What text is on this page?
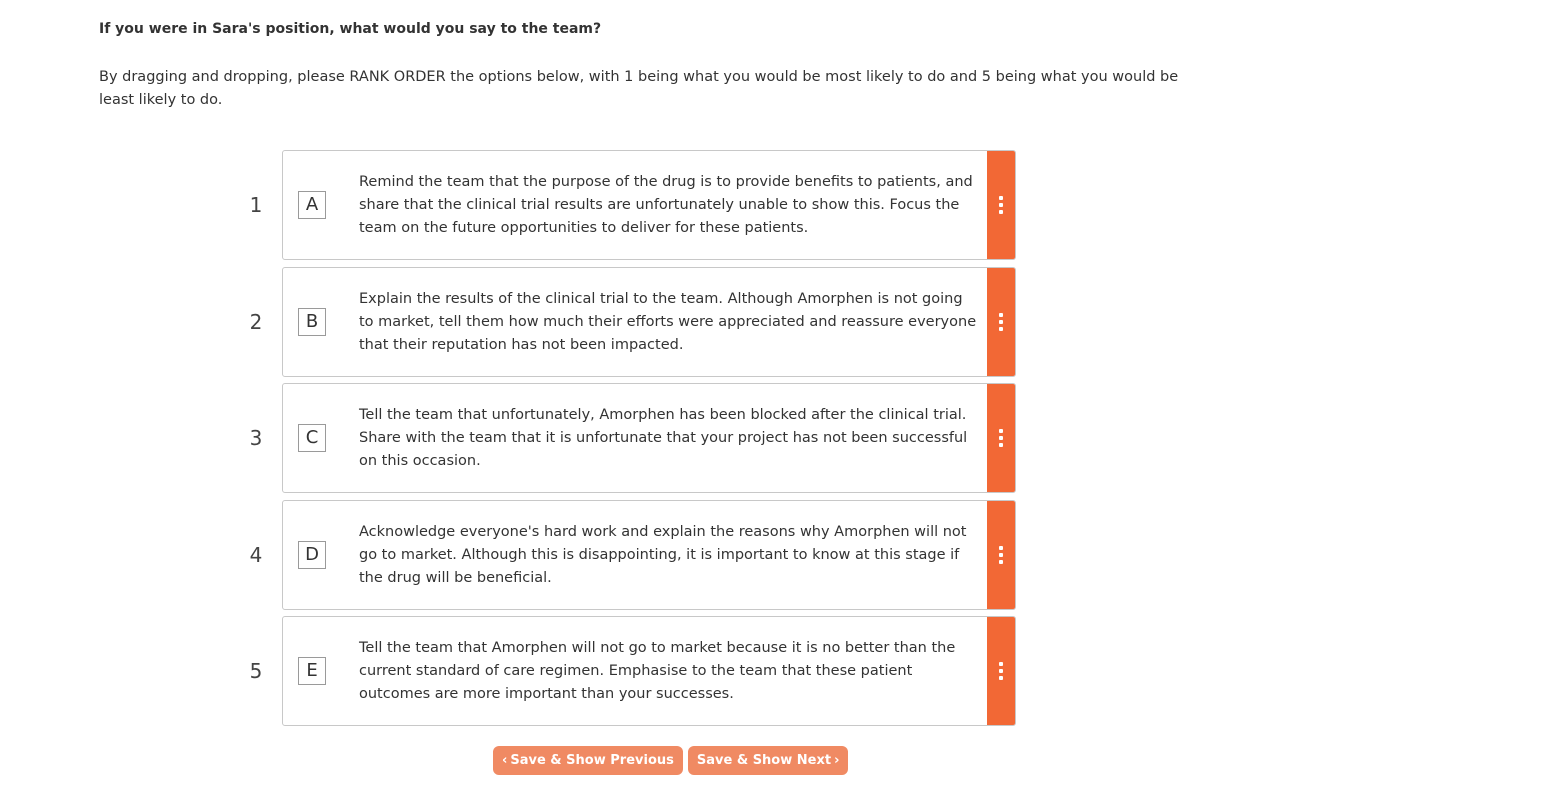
If you were in Sara's position, what would you say to the team?

By dragging and dropping, please RANK ORDER the options below, with 1 being what you would be most likely to do and 5 being what you would be least likely to do.

1	A
Remind the team that the purpose of the drug is to provide benefits to patients, and share that the clinical trial results are unfortunately unable to show this. Focus the team on the future opportunities to deliver for these patients.
2	B
Explain the results of the clinical trial to the team. Although Amorphen is not going to market, tell them how much their efforts were appreciated and reassure everyone that their reputation has not been impacted.
3	C
Tell the team that unfortunately, Amorphen has been blocked after the clinical trial. Share with the team that it is unfortunate that your project has not been successful on this occasion.
4	D
Acknowledge everyone's hard work and explain the reasons why Amorphen will not go to market. Although this is disappointing, it is important to know at this stage if the drug will be beneficial.
5	E
Tell the team that Amorphen will not go to market because it is no better than the current standard of care regimen. Emphasise to the team that these patient outcomes are more important than your successes.
‹ Save & Show Previous Save & Show Next ›
